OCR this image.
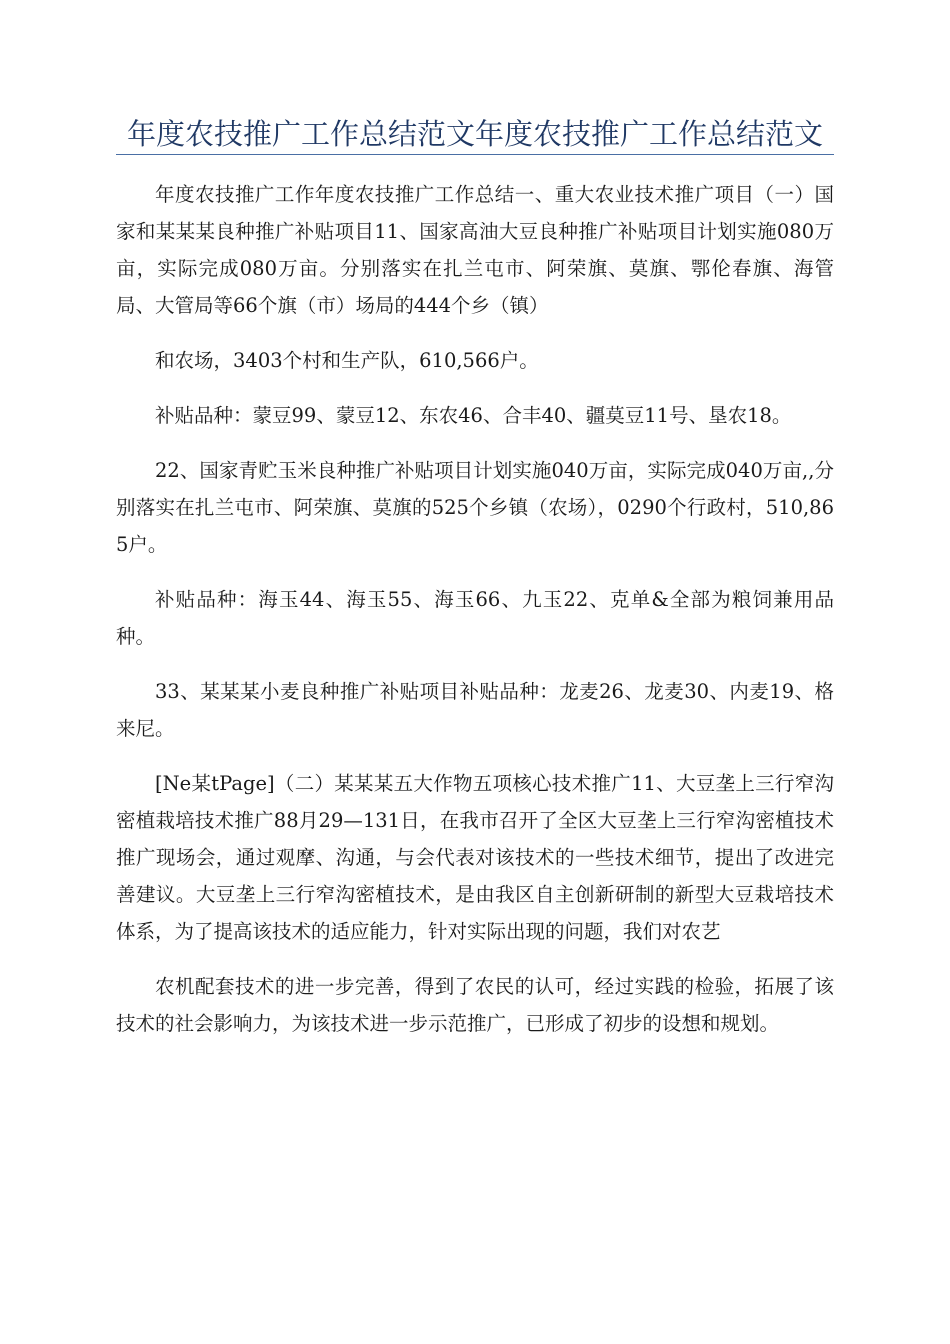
年度农技推广工作总结范文年度农技推广工作总结范文

年度农技推广工作年度农技推广工作总结一、重大农业技术推广项目（一）国家和某某某良种推广补贴项目11、国家高油大豆良种推广补贴项目计划实施080万亩，实际完成080万亩。分别落实在扎兰屯市、阿荣旗、莫旗、鄂伦春旗、海管局、大管局等66个旗（市）场局的444个乡（镇）

和农场，3403个村和生产队，610,566户。

补贴品种：蒙豆99、蒙豆12、东农46、合丰40、疆莫豆11号、垦农18。

22、国家青贮玉米良种推广补贴项目计划实施040万亩，实际完成040万亩,,分别落实在扎兰屯市、阿荣旗、莫旗的525个乡镇（农场），0290个行政村，510,865户。

补贴品种：海玉44、海玉55、海玉66、九玉22、克单&全部为粮饲兼用品种。

33、某某某小麦良种推广补贴项目补贴品种：龙麦26、龙麦30、内麦19、格来尼。

[Ne某tPage]（二）某某某五大作物五项核心技术推广11、大豆垄上三行窄沟密植栽培技术推广88月29—131日，在我市召开了全区大豆垄上三行窄沟密植技术推广现场会，通过观摩、沟通，与会代表对该技术的一些技术细节，提出了改进完善建议。大豆垄上三行窄沟密植技术，是由我区自主创新研制的新型大豆栽培技术体系，为了提高该技术的适应能力，针对实际出现的问题，我们对农艺

农机配套技术的进一步完善，得到了农民的认可，经过实践的检验，拓展了该技术的社会影响力，为该技术进一步示范推广，已形成了初步的设想和规划。
